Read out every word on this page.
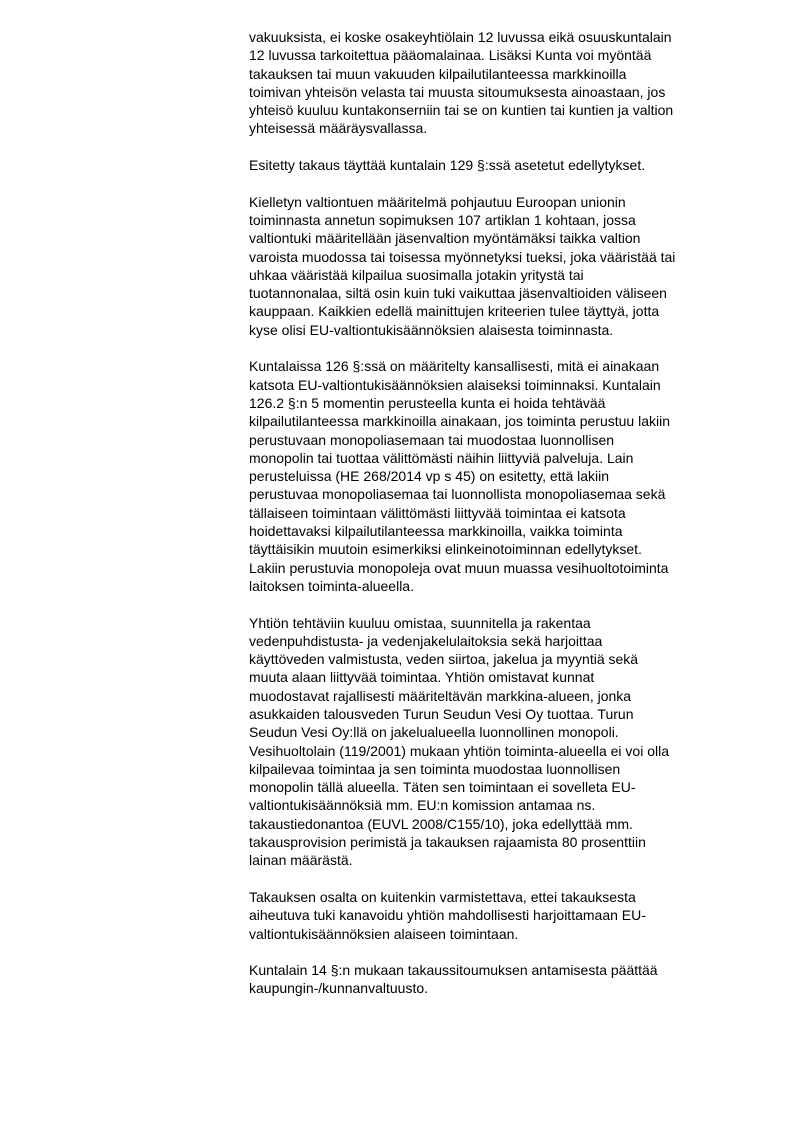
vakuuksista, ei koske osakeyhtiölain 12 luvussa eikä osuuskuntalain
12 luvussa tarkoitettua pääomalainaa. Lisäksi Kunta voi myöntää
takauksen tai muun vakuuden kilpailutilanteessa markkinoilla
toimivan yhteisön velasta tai muusta sitoumuksesta ainoastaan, jos
yhteisö kuuluu kuntakonserniin tai se on kuntien tai kuntien ja valtion
yhteisessä määräysvallassa.
Esitetty takaus täyttää kuntalain 129 §:ssä asetetut edellytykset.
Kielletyn valtiontuen määritelmä pohjautuu Euroopan unionin
toiminnasta annetun sopimuksen 107 artiklan 1 kohtaan, jossa
valtiontuki määritellään jäsenvaltion myöntämäksi taikka valtion
varoista muodossa tai toisessa myönnetyksi tueksi, joka vääristää tai
uhkaa vääristää kilpailua suosimalla jotakin yritystä tai
tuotannonalaa, siltä osin kuin tuki vaikuttaa jäsenvaltioiden väliseen
kauppaan. Kaikkien edellä mainittujen kriteerien tulee täyttyä, jotta
kyse olisi EU-valtiontukisäännöksien alaisesta toiminnasta.
Kuntalaissa 126 §:ssä on määritelty kansallisesti, mitä ei ainakaan
katsota EU-valtiontukisäännöksien alaiseksi toiminnaksi. Kuntalain
126.2 §:n 5 momentin perusteella kunta ei hoida tehtävää
kilpailutilanteessa markkinoilla ainakaan, jos toiminta perustuu lakiin
perustuvaan monopoliasemaan tai muodostaa luonnollisen
monopolin tai tuottaa välittömästi näihin liittyviä palveluja. Lain
perusteluissa (HE 268/2014 vp s 45) on esitetty, että lakiin
perustuvaa monopoliasemaa tai luonnollista monopoliasemaa sekä
tällaiseen toimintaan välittömästi liittyvää toimintaa ei katsota
hoidettavaksi kilpailutilanteessa markkinoilla, vaikka toiminta
täyttäisikin muutoin esimerkiksi elinkeinotoiminnan edellytykset.
Lakiin perustuvia monopoleja ovat muun muassa vesihuoltotoiminta
laitoksen toiminta-alueella.
Yhtiön tehtäviin kuuluu omistaa, suunnitella ja rakentaa
vedenpuhdistusta- ja vedenjakelulaitoksia sekä harjoittaa
käyttöveden valmistusta, veden siirtoa, jakelua ja myyntiä sekä
muuta alaan liittyvää toimintaa. Yhtiön omistavat kunnat
muodostavat rajallisesti määriteltävän markkina-alueen, jonka
asukkaiden talousveden Turun Seudun Vesi Oy tuottaa. Turun
Seudun Vesi Oy:llä on jakelualueella luonnollinen monopoli.
Vesihuoltolain (119/2001) mukaan yhtiön toiminta-alueella ei voi olla
kilpailevaa toimintaa ja sen toiminta muodostaa luonnollisen
monopolin tällä alueella. Täten sen toimintaan ei sovelleta EU-
valtiontukisäännöksiä mm. EU:n komission antamaa ns.
takaustiedonantoa (EUVL 2008/C155/10), joka edellyttää mm.
takausprovision perimistä ja takauksen rajaamista 80 prosenttiin
lainan määrästä.
Takauksen osalta on kuitenkin varmistettava, ettei takauksesta
aiheutuva tuki kanavoidu yhtiön mahdollisesti harjoittamaan EU-
valtiontukisäännöksien alaiseen toimintaan.
Kuntalain 14 §:n mukaan takaussitoumuksen antamisesta päättää
kaupungin-/kunnanvaltuusto.
